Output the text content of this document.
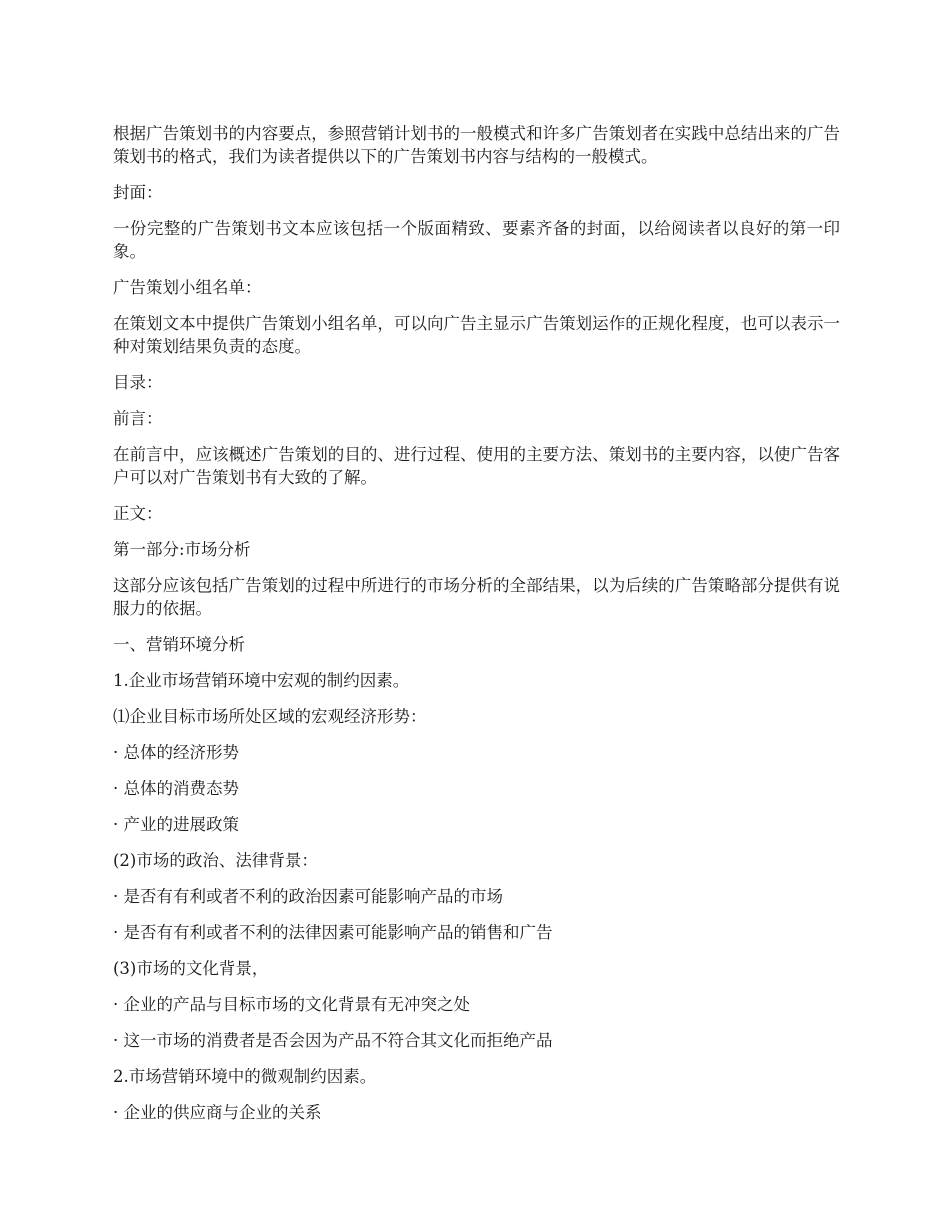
根据广告策划书的内容要点，参照营销计划书的一般模式和许多广告策划者在实践中总结出来的广告策划书的格式，我们为读者提供以下的广告策划书内容与结构的一般模式。

封面：

一份完整的广告策划书文本应该包括一个版面精致、要素齐备的封面，以给阅读者以良好的第一印象。

广告策划小组名单：

在策划文本中提供广告策划小组名单，可以向广告主显示广告策划运作的正规化程度，也可以表示一种对策划结果负责的态度。

目录：

前言：

在前言中，应该概述广告策划的目的、进行过程、使用的主要方法、策划书的主要内容，以使广告客户可以对广告策划书有大致的了解。

正文：

第一部分:市场分析

这部分应该包括广告策划的过程中所进行的市场分析的全部结果，以为后续的广告策略部分提供有说服力的依据。

一、营销环境分析

1.企业市场营销环境中宏观的制约因素。

⑴企业目标市场所处区域的宏观经济形势：

· 总体的经济形势

· 总体的消费态势

· 产业的进展政策

(2)市场的政治、法律背景：

· 是否有有利或者不利的政治因素可能影响产品的市场

· 是否有有利或者不利的法律因素可能影响产品的销售和广告

(3)市场的文化背景，

· 企业的产品与目标市场的文化背景有无冲突之处

· 这一市场的消费者是否会因为产品不符合其文化而拒绝产品

2.市场营销环境中的微观制约因素。

· 企业的供应商与企业的关系
